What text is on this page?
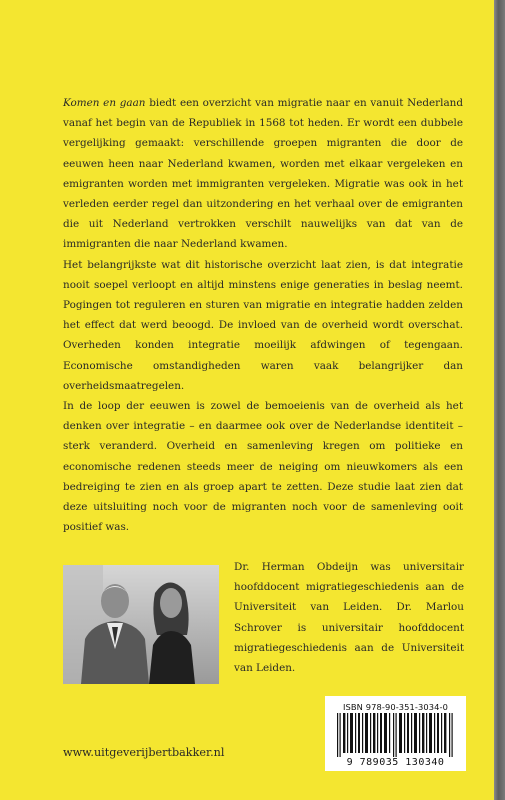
Komen en gaan biedt een overzicht van migratie naar en vanuit Nederland vanaf het begin van de Republiek in 1568 tot heden. Er wordt een dubbele vergelijking gemaakt: verschillende groepen migranten die door de eeuwen heen naar Nederland kwamen, worden met elkaar vergeleken en emigranten worden met immigranten vergeleken. Migratie was ook in het verleden eerder regel dan uitzondering en het verhaal over de emigranten die uit Nederland vertrokken verschilt nauwelijks van dat van de immigranten die naar Nederland kwamen.

Het belangrijkste wat dit historische overzicht laat zien, is dat integratie nooit soepel verloopt en altijd minstens enige generaties in beslag neemt. Pogingen tot reguleren en sturen van migratie en integratie hadden zelden het effect dat werd beoogd. De invloed van de overheid wordt overschat. Overheden konden integratie moeilijk afdwingen of tegengaan. Economische omstandigheden waren vaak belangrijker dan overheidsmaatregelen.

In de loop der eeuwen is zowel de bemoeienis van de overheid als het denken over integratie – en daarmee ook over de Nederlandse identiteit – sterk veranderd. Overheid en samenleving kregen om politieke en economische redenen steeds meer de neiging om nieuwkomers als een bedreiging te zien en als groep apart te zetten. Deze studie laat zien dat deze uitsluiting noch voor de migranten noch voor de samenleving ooit positief was.

Dr. Herman Obdeijn was universitair hoofddocent migratiegeschiedenis aan de Universiteit van Leiden. Dr. Marlou Schrover is universitair hoofddocent migratiegeschiedenis aan de Universiteit van Leiden.

ISBN 978-90-351-3034-0
9 789035 130340
www.uitgeverijbertbakker.nl
